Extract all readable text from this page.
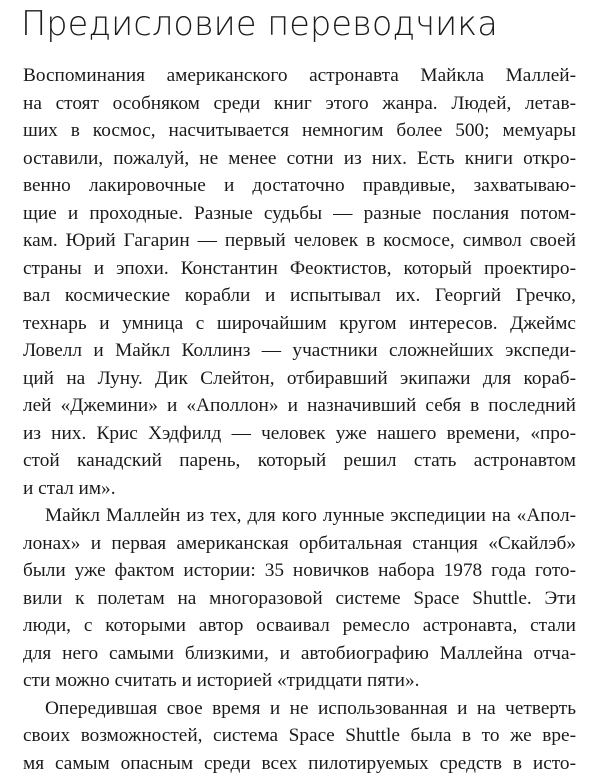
Предисловие переводчика
Воспоминания американского астронавта Майкла Маллей-
на стоят особняком среди книг этого жанра. Людей, летав-
ших в космос, насчитывается немногим более 500; мемуары
оставили, пожалуй, не менее сотни из них. Есть книги откро-
венно лакировочные и достаточно правдивые, захватываю-
щие и проходные. Разные судьбы — разные послания потом-
кам. Юрий Гагарин — первый человек в космосе, символ своей
страны и эпохи. Константин Феоктистов, который проектиро-
вал космические корабли и испытывал их. Георгий Гречко,
технарь и умница с широчайшим кругом интересов. Джеймс
Ловелл и Майкл Коллинз — участники сложнейших экспеди-
ций на Луну. Дик Слейтон, отбиравший экипажи для кораб-
лей «Джемини» и «Аполлон» и назначивший себя в последний
из них. Крис Хэдфилд — человек уже нашего времени, «про-
стой канадский парень, который решил стать астронавтом
и стал им».
Майкл Маллейн из тех, для кого лунные экспедиции на «Апол-
лонах» и первая американская орбитальная станция «Скайлэб»
были уже фактом истории: 35 новичков набора 1978 года гото-
вили к полетам на многоразовой системе Space Shuttle. Эти
люди, с которыми автор осваивал ремесло астронавта, стали
для него самыми близкими, и автобиографию Маллейна отча-
сти можно считать и историей «тридцати пяти».
Опередившая свое время и не использованная и на четверть
своих возможностей, система Space Shuttle была в то же вре-
мя самым опасным среди всех пилотируемых средств в исто-
